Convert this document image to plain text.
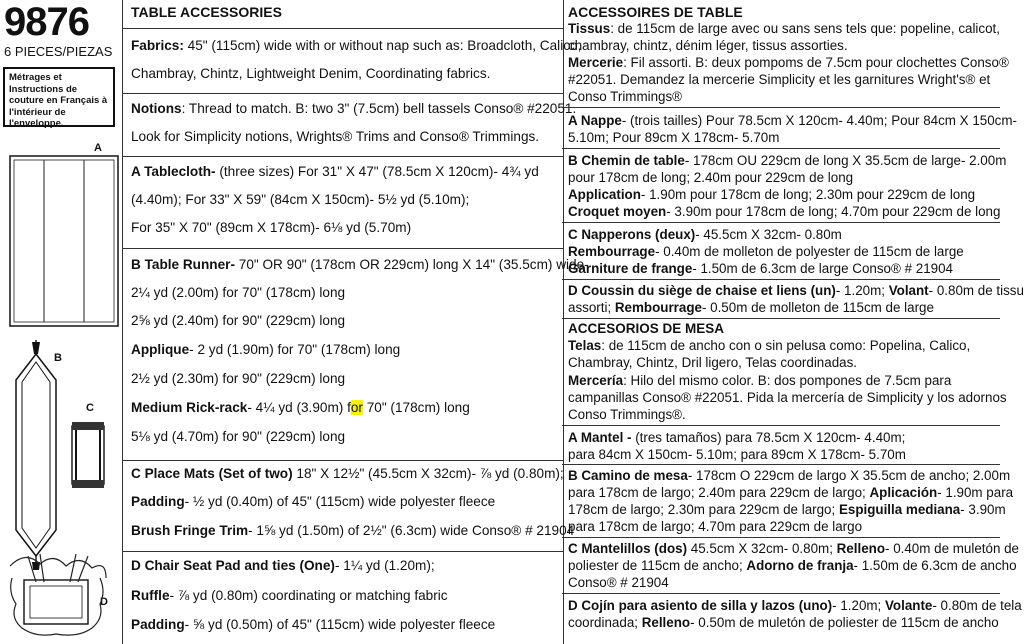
9876
6 PIECES/PIEZAS
Métrages et Instructions de couture en Français à l'intérieur de l'enveloppe.
A
B
C
D
TABLE ACCESSORIES
Fabrics: 45" (115cm) wide with or without nap such as: Broadcloth, Calico,
Chambray, Chintz, Lightweight Denim, Coordinating fabrics.
Notions: Thread to match. B: two 3" (7.5cm) bell tassels Conso® #22051.
Look for Simplicity notions, Wrights® Trims and Conso® Trimmings.
A Tablecloth- (three sizes) For 31" X 47" (78.5cm X 120cm)- 4¾ yd
(4.40m); For 33" X 59" (84cm X 150cm)- 5½ yd (5.10m);
For 35" X 70" (89cm X 178cm)- 6⅛ yd (5.70m)
B Table Runner- 70" OR 90" (178cm OR 229cm) long X 14" (35.5cm) wide-
2¼ yd (2.00m) for 70" (178cm) long
2⅝ yd (2.40m) for 90" (229cm) long
Applique- 2 yd (1.90m) for 70" (178cm) long
2½ yd (2.30m) for 90" (229cm) long
Medium Rick-rack- 4¼ yd (3.90m) for 70" (178cm) long
5⅛ yd (4.70m) for 90" (229cm) long
C Place Mats (Set of two) 18" X 12½" (45.5cm X 32cm)- ⅞ yd (0.80m);
Padding- ½ yd (0.40m) of 45" (115cm) wide polyester fleece
Brush Fringe Trim- 1⅝ yd (1.50m) of 2½" (6.3cm) wide Conso® # 21904
D Chair Seat Pad and ties (One)- 1¼ yd (1.20m);
Ruffle- ⅞ yd (0.80m) coordinating or matching fabric
Padding- ⅝ yd (0.50m) of 45" (115cm) wide polyester fleece
ACCESSOIRES DE TABLE
Tissus: de 115cm de large avec ou sans sens tels que: popeline, calicot,
chambray, chintz, dénim léger, tissus assorties.
Mercerie: Fil assorti. B: deux pompoms de 7.5cm pour clochettes Conso®
#22051. Demandez la mercerie Simplicity et les garnitures Wright's® et
Conso Trimmings®
A Nappe- (trois tailles) Pour 78.5cm X 120cm- 4.40m; Pour 84cm X 150cm-
5.10m; Pour 89cm X 178cm- 5.70m
B Chemin de table- 178cm OU 229cm de long X 35.5cm de large- 2.00m
pour 178cm de long; 2.40m pour 229cm de long
Application- 1.90m pour 178cm de long; 2.30m pour 229cm de long
Croquet moyen- 3.90m pour 178cm de long; 4.70m pour 229cm de long
C Napperons (deux)- 45.5cm X 32cm- 0.80m
Rembourrage- 0.40m de molleton de polyester de 115cm de large
Garniture de frange- 1.50m de 6.3cm de large Conso® # 21904
D Coussin du siège de chaise et liens (un)- 1.20m; Volant- 0.80m de tissu
assorti; Rembourrage- 0.50m de molleton de 115cm de large
ACCESORIOS DE MESA
Telas: de 115cm de ancho con o sin pelusa como: Popelina, Calico,
Chambray, Chintz, Dril ligero, Telas coordinadas.
Mercería: Hilo del mismo color. B: dos pompones de 7.5cm para
campanillas Conso® #22051. Pida la mercería de Simplicity y los adornos
Conso Trimmings®.
A Mantel - (tres tamaños) para 78.5cm X 120cm- 4.40m;
para 84cm X 150cm- 5.10m; para 89cm X 178cm- 5.70m
B Camino de mesa- 178cm O 229cm de largo X 35.5cm de ancho; 2.00m
para 178cm de largo; 2.40m para 229cm de largo; Aplicación- 1.90m para
178cm de largo; 2.30m para 229cm de largo; Espiguilla mediana- 3.90m
para 178cm de largo; 4.70m para 229cm de largo
C Mantelillos (dos) 45.5cm X 32cm- 0.80m; Relleno- 0.40m de muletón de
poliester de 115cm de ancho; Adorno de franja- 1.50m de 6.3cm de ancho
Conso® # 21904
D Cojín para asiento de silla y lazos (uno)- 1.20m; Volante- 0.80m de tela
coordinada; Relleno- 0.50m de muletón de poliester de 115cm de ancho
